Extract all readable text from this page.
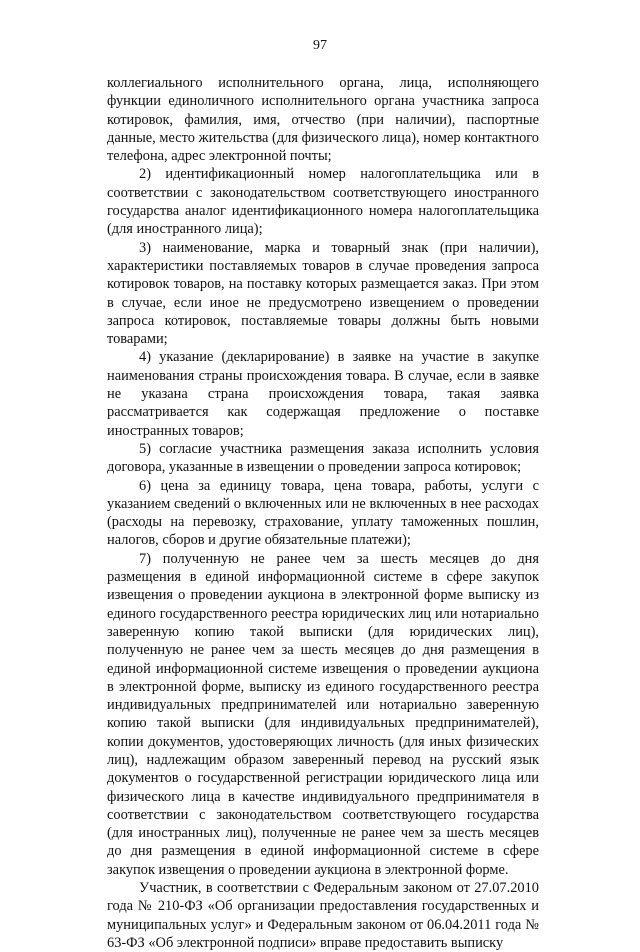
97

коллегиального исполнительного органа, лица, исполняющего функции единоличного исполнительного органа участника запроса котировок, фамилия, имя, отчество (при наличии), паспортные данные, место жительства (для физического лица), номер контактного телефона, адрес электронной почты;

2) идентификационный номер налогоплательщика или в соответствии с законодательством соответствующего иностранного государства аналог идентификационного номера налогоплательщика (для иностранного лица);

3) наименование, марка и товарный знак (при наличии), характеристики поставляемых товаров в случае проведения запроса котировок товаров, на поставку которых размещается заказ. При этом в случае, если иное не предусмотрено извещением о проведении запроса котировок, поставляемые товары должны быть новыми товарами;

4) указание (декларирование) в заявке на участие в закупке наименования страны происхождения товара. В случае, если в заявке не указана страна происхождения товара, такая заявка рассматривается как содержащая предложение о поставке иностранных товаров;

5) согласие участника размещения заказа исполнить условия договора, указанные в извещении о проведении запроса котировок;

6) цена за единицу товара, цена товара, работы, услуги с указанием сведений о включенных или не включенных в нее расходах (расходы на перевозку, страхование, уплату таможенных пошлин, налогов, сборов и другие обязательные платежи);

7) полученную не ранее чем за шесть месяцев до дня размещения в единой информационной системе в сфере закупок извещения о проведении аукциона в электронной форме выписку из единого государственного реестра юридических лиц или нотариально заверенную копию такой выписки (для юридических лиц), полученную не ранее чем за шесть месяцев до дня размещения в единой информационной системе извещения о проведении аукциона в электронной форме, выписку из единого государственного реестра индивидуальных предпринимателей или нотариально заверенную копию такой выписки (для индивидуальных предпринимателей), копии документов, удостоверяющих личность (для иных физических лиц), надлежащим образом заверенный перевод на русский язык документов о государственной регистрации юридического лица или физического лица в качестве индивидуального предпринимателя в соответствии с законодательством соответствующего государства (для иностранных лиц), полученные не ранее чем за шесть месяцев до дня размещения в единой информационной системе в сфере закупок извещения о проведении аукциона в электронной форме.

Участник, в соответствии с Федеральным законом от 27.07.2010 года № 210-ФЗ «Об организации предоставления государственных и муниципальных услуг» и Федеральным законом от 06.04.2011 года № 63-ФЗ «Об электронной подписи» вправе предоставить выписку
